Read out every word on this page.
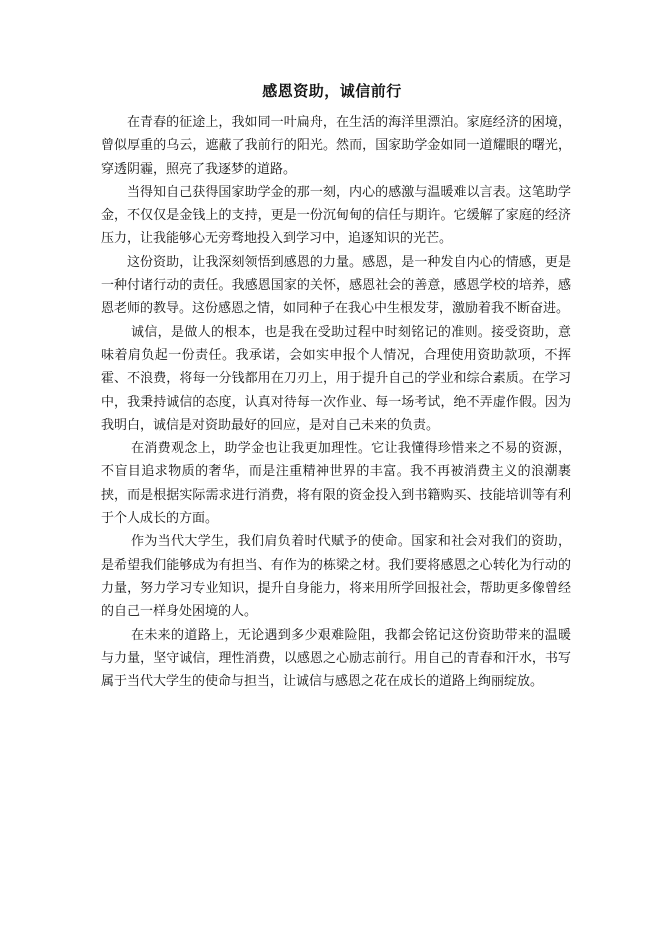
感恩资助，诚信前行

在青春的征途上，我如同一叶扁舟，在生活的海洋里漂泊。家庭经济的困境，曾似厚重的乌云，遮蔽了我前行的阳光。然而，国家助学金如同一道耀眼的曙光，穿透阴霾，照亮了我逐梦的道路。

当得知自己获得国家助学金的那一刻，内心的感激与温暖难以言表。这笔助学金，不仅仅是金钱上的支持，更是一份沉甸甸的信任与期许。它缓解了家庭的经济压力，让我能够心无旁骛地投入到学习中，追逐知识的光芒。

这份资助，让我深刻领悟到感恩的力量。感恩，是一种发自内心的情感，更是一种付诸行动的责任。我感恩国家的关怀，感恩社会的善意，感恩学校的培养，感恩老师的教导。这份感恩之情，如同种子在我心中生根发芽，激励着我不断奋进。

诚信，是做人的根本，也是我在受助过程中时刻铭记的准则。接受资助，意味着肩负起一份责任。我承诺，会如实申报个人情况，合理使用资助款项，不挥霍、不浪费，将每一分钱都用在刀刃上，用于提升自己的学业和综合素质。在学习中，我秉持诚信的态度，认真对待每一次作业、每一场考试，绝不弄虚作假。因为我明白，诚信是对资助最好的回应，是对自己未来的负责。

在消费观念上，助学金也让我更加理性。它让我懂得珍惜来之不易的资源，不盲目追求物质的奢华，而是注重精神世界的丰富。我不再被消费主义的浪潮裹挟，而是根据实际需求进行消费，将有限的资金投入到书籍购买、技能培训等有利于个人成长的方面。

作为当代大学生，我们肩负着时代赋予的使命。国家和社会对我们的资助，是希望我们能够成为有担当、有作为的栋梁之材。我们要将感恩之心转化为行动的力量，努力学习专业知识，提升自身能力，将来用所学回报社会，帮助更多像曾经的自己一样身处困境的人。

在未来的道路上，无论遇到多少艰难险阻，我都会铭记这份资助带来的温暖与力量，坚守诚信，理性消费，以感恩之心励志前行。用自己的青春和汗水，书写属于当代大学生的使命与担当，让诚信与感恩之花在成长的道路上绚丽绽放。
